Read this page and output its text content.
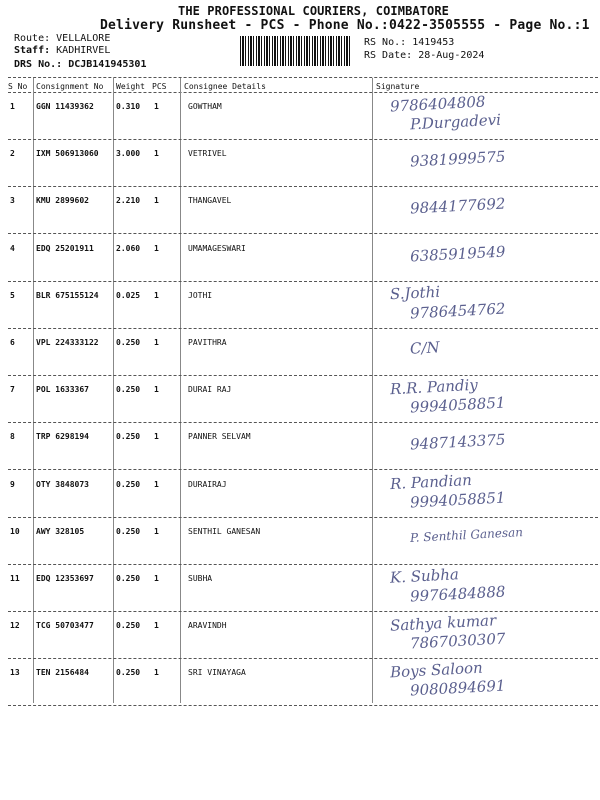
THE PROFESSIONAL COURIERS, COIMBATORE
Delivery Runsheet - PCS - Phone No.:0422-3505555 - Page No.:1
Route: VELLALORE
Staff: KADHIRVEL
DRS No.: DCJB141945301
RS No.: 1419453
RS Date: 28-Aug-2024
S No Consignment No Weight PCS Consignee Details	Signature
1	GGN 11439362	0.310 1	GOWTHAM	9786404808
P.Durgadevi
2	IXM 506913060 3.000 1	VETRIVEL	9381999575
3	KMU 2899602	2.210 1	THANGAVEL	9844177692
4	EDQ 25201911	2.060 1	UMAMAGESWARI	6385919549
5	BLR 675155124 0.025 1	JOTHI	S.Jothi
9786454762
6	VPL 224333122 0.250 1	PAVITHRA	C/N
7	POL 1633367	0.250 1	DURAI RAJ	R.R. Pandiy
9994058851
8	TRP 6298194	0.250 1	PANNER SELVAM	9487143375
9	OTY 3848073	0.250 1	DURAIRAJ	R. Pandian
9994058851
10 AWY 328105	0.250 1	SENTHIL GANESAN	P. Senthil Ganesan
11 EDQ 12353697	0.250 1	SUBHA	K. Subha
9976484888
12 TCG 50703477	0.250 1	ARAVINDH	Sathya kumar
7867030307
13 TEN 2156484	0.250 1	SRI VINAYAGA	Boys Saloon
9080894691
